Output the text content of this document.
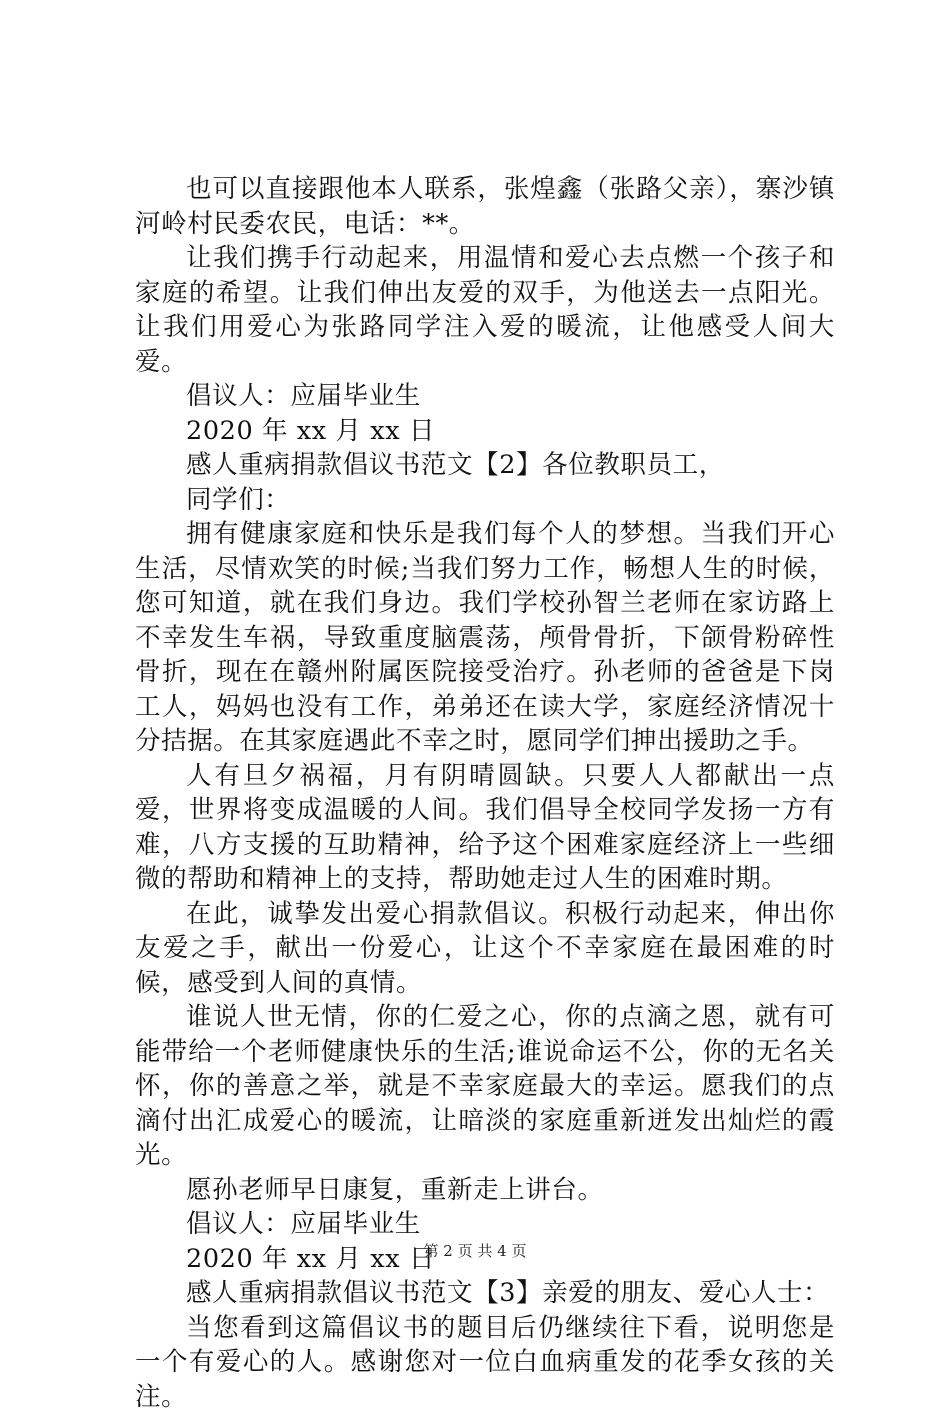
也可以直接跟他本人联系，张煌鑫（张路父亲），寨沙镇河岭村民委农民，电话：**。

让我们携手行动起来，用温情和爱心去点燃一个孩子和家庭的希望。让我们伸出友爱的双手，为他送去一点阳光。让我们用爱心为张路同学注入爱的暖流，让他感受人间大爱。

倡议人：应届毕业生

2020 年 xx 月 xx 日

感人重病捐款倡议书范文【2】各位教职员工，

同学们：

拥有健康家庭和快乐是我们每个人的梦想。当我们开心生活，尽情欢笑的时候;当我们努力工作，畅想人生的时候，您可知道，就在我们身边。我们学校孙智兰老师在家访路上不幸发生车祸，导致重度脑震荡，颅骨骨折，下颌骨粉碎性骨折，现在在赣州附属医院接受治疗。孙老师的爸爸是下岗工人，妈妈也没有工作，弟弟还在读大学，家庭经济情况十分拮据。在其家庭遇此不幸之时，愿同学们抻出援助之手。

人有旦夕祸福，月有阴晴圆缺。只要人人都献出一点爱，世界将变成温暖的人间。我们倡导全校同学发扬一方有难，八方支援的互助精神，给予这个困难家庭经济上一些细微的帮助和精神上的支持，帮助她走过人生的困难时期。

在此，诚挚发出爱心捐款倡议。积极行动起来，伸出你友爱之手，献出一份爱心，让这个不幸家庭在最困难的时候，感受到人间的真情。

谁说人世无情，你的仁爱之心，你的点滴之恩，就有可能带给一个老师健康快乐的生活;谁说命运不公，你的无名关怀，你的善意之举，就是不幸家庭最大的幸运。愿我们的点滴付出汇成爱心的暖流，让暗淡的家庭重新迸发出灿烂的霞光。

愿孙老师早日康复，重新走上讲台。

倡议人：应届毕业生

2020 年 xx 月 xx 日

感人重病捐款倡议书范文【3】亲爱的朋友、爱心人士：

当您看到这篇倡议书的题目后仍继续往下看，说明您是一个有爱心的人。感谢您对一位白血病重发的花季女孩的关注。

第 2 页 共 4 页
